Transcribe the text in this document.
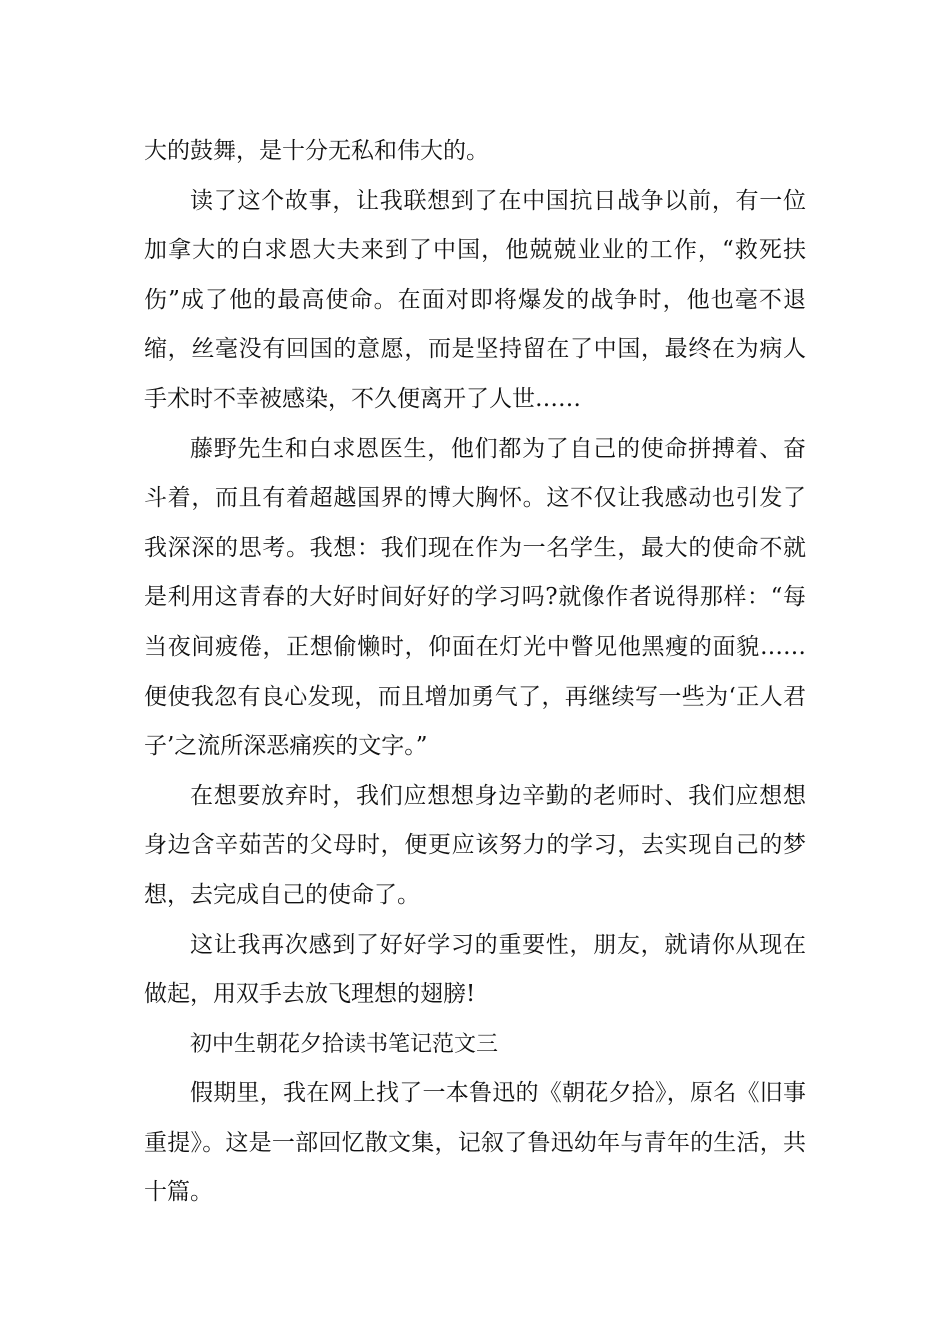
大的鼓舞，是十分无私和伟大的。

读了这个故事，让我联想到了在中国抗日战争以前，有一位加拿大的白求恩大夫来到了中国，他兢兢业业的工作，“救死扶伤”成了他的最高使命。在面对即将爆发的战争时，他也毫不退缩，丝毫没有回国的意愿，而是坚持留在了中国，最终在为病人手术时不幸被感染，不久便离开了人世……

藤野先生和白求恩医生，他们都为了自己的使命拼搏着、奋斗着，而且有着超越国界的博大胸怀。这不仅让我感动也引发了我深深的思考。我想：我们现在作为一名学生，最大的使命不就是利用这青春的大好时间好好的学习吗?就像作者说得那样：“每当夜间疲倦，正想偷懒时，仰面在灯光中瞥见他黑瘦的面貌……便使我忽有良心发现，而且增加勇气了，再继续写一些为‘正人君子’之流所深恶痛疾的文字。”

在想要放弃时，我们应想想身边辛勤的老师时、我们应想想身边含辛茹苦的父母时，便更应该努力的学习，去实现自己的梦想，去完成自己的使命了。

这让我再次感到了好好学习的重要性，朋友，就请你从现在做起，用双手去放飞理想的翅膀!

初中生朝花夕拾读书笔记范文三

假期里，我在网上找了一本鲁迅的《朝花夕拾》，原名《旧事重提》。这是一部回忆散文集，记叙了鲁迅幼年与青年的生活，共十篇。
